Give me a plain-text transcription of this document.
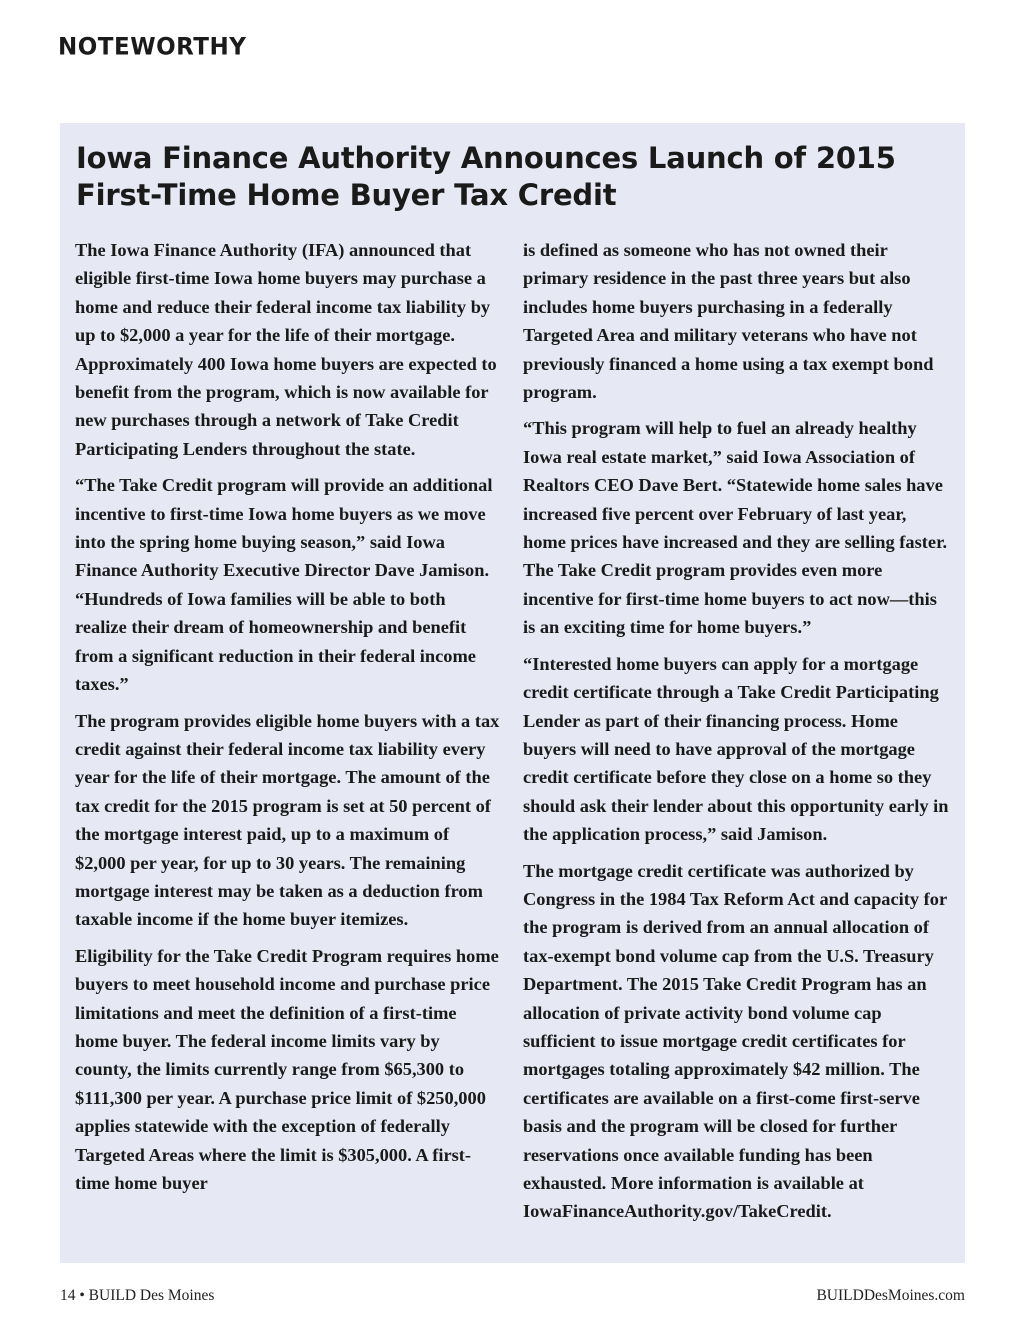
NOTEWORTHY
Iowa Finance Authority Announces Launch of 2015
First-Time Home Buyer Tax Credit

The Iowa Finance Authority (IFA) announced that eligible first-time Iowa home buyers may purchase a home and reduce their federal income tax liability by up to $2,000 a year for the life of their mortgage. Approximately 400 Iowa home buyers are expected to benefit from the program, which is now available for new purchases through a network of Take Credit Participating Lenders throughout the state.

“The Take Credit program will provide an additional incentive to first-time Iowa home buyers as we move into the spring home buying season,” said Iowa Finance Authority Executive Director Dave Jamison. “Hundreds of Iowa families will be able to both realize their dream of homeownership and benefit from a significant reduction in their federal income taxes.”

The program provides eligible home buyers with a tax credit against their federal income tax liability every year for the life of their mortgage. The amount of the tax credit for the 2015 program is set at 50 percent of the mortgage interest paid, up to a maximum of $2,000 per year, for up to 30 years. The remaining mortgage interest may be taken as a deduction from taxable income if the home buyer itemizes.

Eligibility for the Take Credit Program requires home buyers to meet household income and purchase price limitations and meet the definition of a first-time home buyer. The federal income limits vary by county, the limits currently range from $65,300 to $111,300 per year. A purchase price limit of $250,000 applies statewide with the exception of federally Targeted Areas where the limit is $305,000. A first-time home buyer

is defined as someone who has not owned their primary residence in the past three years but also includes home buyers purchasing in a federally Targeted Area and military veterans who have not previously financed a home using a tax exempt bond program.

“This program will help to fuel an already healthy Iowa real estate market,” said Iowa Association of Realtors CEO Dave Bert. “Statewide home sales have increased five percent over February of last year, home prices have increased and they are selling faster. The Take Credit program provides even more incentive for first-time home buyers to act now—this is an exciting time for home buyers.”

“Interested home buyers can apply for a mortgage credit certificate through a Take Credit Participating Lender as part of their financing process. Home buyers will need to have approval of the mortgage credit certificate before they close on a home so they should ask their lender about this opportunity early in the application process,” said Jamison.

The mortgage credit certificate was authorized by Congress in the 1984 Tax Reform Act and capacity for the program is derived from an annual allocation of tax-exempt bond volume cap from the U.S. Treasury Department. The 2015 Take Credit Program has an allocation of private activity bond volume cap sufficient to issue mortgage credit certificates for mortgages totaling approximately $42 million. The certificates are available on a first-come first-serve basis and the program will be closed for further reservations once available funding has been exhausted. More information is available at IowaFinanceAuthority.gov/TakeCredit.

14 • BUILD Des Moines	BUILDDesMoines.com
